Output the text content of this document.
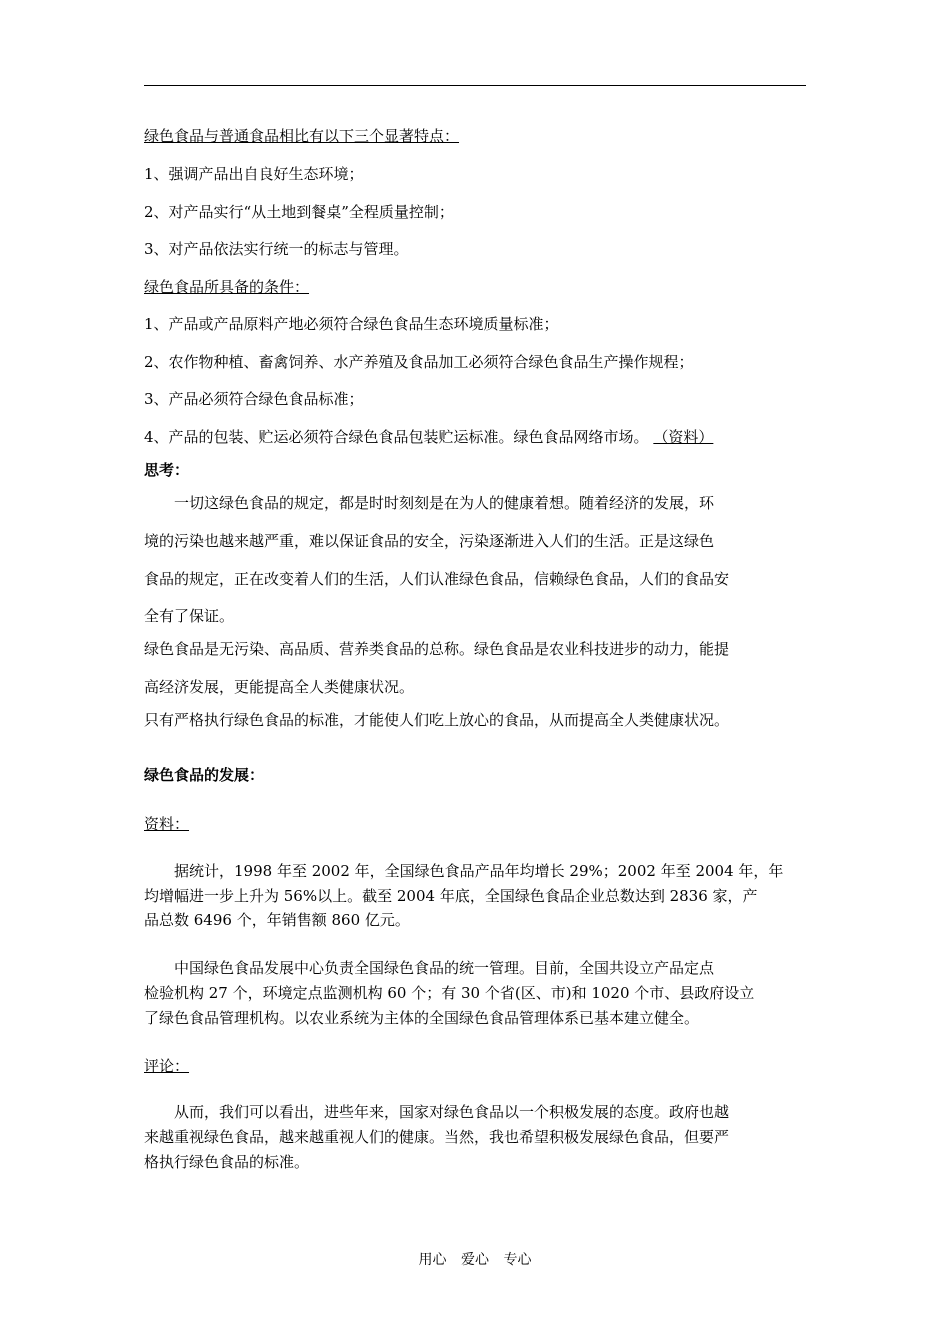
绿色食品与普通食品相比有以下三个显著特点：
1、强调产品出自良好生态环境；
2、对产品实行“从土地到餐桌”全程质量控制；
3、对产品依法实行统一的标志与管理。
绿色食品所具备的条件：
1、产品或产品原料产地必须符合绿色食品生态环境质量标准；
2、农作物种植、畜禽饲养、水产养殖及食品加工必须符合绿色食品生产操作规程；
3、产品必须符合绿色食品标准；
4、产品的包装、贮运必须符合绿色食品包装贮运标准。绿色食品网络市场。 （资料）
思考：
　　一切这绿色食品的规定，都是时时刻刻是在为人的健康着想。随着经济的发展，环
境的污染也越来越严重，难以保证食品的安全，污染逐渐进入人们的生活。正是这绿色
食品的规定，正在改变着人们的生活，人们认准绿色食品，信赖绿色食品，人们的食品安
全有了保证。
绿色食品是无污染、高品质、营养类食品的总称。绿色食品是农业科技进步的动力，能提
高经济发展，更能提高全人类健康状况。
只有严格执行绿色食品的标准，才能使人们吃上放心的食品，从而提高全人类健康状况。
绿色食品的发展：
资料：
　　据统计，1998 年至 2002 年，全国绿色食品产品年均增长 29%；2002 年至 2004 年，年
均增幅进一步上升为 56%以上。截至 2004 年底，全国绿色食品企业总数达到 2836 家，产
品总数 6496 个，年销售额 860 亿元。
　　中国绿色食品发展中心负责全国绿色食品的统一管理。目前，全国共设立产品定点
检验机构 27 个，环境定点监测机构 60 个；有 30 个省(区、市)和 1020 个市、县政府设立
了绿色食品管理机构。以农业系统为主体的全国绿色食品管理体系已基本建立健全。
评论：
　　从而，我们可以看出，进些年来，国家对绿色食品以一个积极发展的态度。政府也越
来越重视绿色食品，越来越重视人们的健康。当然，我也希望积极发展绿色食品，但要严
格执行绿色食品的标准。
用心 爱心 专心
